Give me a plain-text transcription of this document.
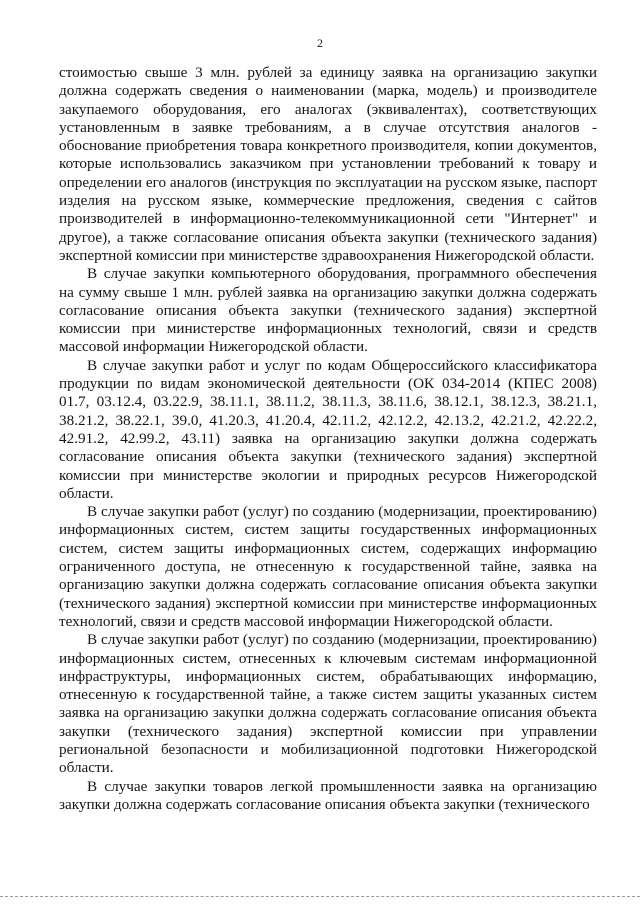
2

стоимостью свыше 3 млн. рублей за единицу заявка на организацию закупки должна содержать сведения о наименовании (марка, модель) и производителе закупаемого оборудования, его аналогах (эквивалентах), соответствующих установленным в заявке требованиям, а в случае отсутствия аналогов - обоснование приобретения товара конкретного производителя, копии документов, которые использовались заказчиком при установлении требований к товару и определении его аналогов (инструкция по эксплуатации на русском языке, паспорт изделия на русском языке, коммерческие предложения, сведения с сайтов производителей в информационно-телекоммуникационной сети "Интернет" и другое), а также согласование описания объекта закупки (технического задания) экспертной комиссии при министерстве здравоохранения Нижегородской области.

В случае закупки компьютерного оборудования, программного обеспечения на сумму свыше 1 млн. рублей заявка на организацию закупки должна содержать согласование описания объекта закупки (технического задания) экспертной комиссии при министерстве информационных технологий, связи и средств массовой информации Нижегородской области.

В случае закупки работ и услуг по кодам Общероссийского классификатора продукции по видам экономической деятельности (ОК 034-2014 (КПЕС 2008) 01.7, 03.12.4, 03.22.9, 38.11.1, 38.11.2, 38.11.3, 38.11.6, 38.12.1, 38.12.3, 38.21.1, 38.21.2, 38.22.1, 39.0, 41.20.3, 41.20.4, 42.11.2, 42.12.2, 42.13.2, 42.21.2, 42.22.2, 42.91.2, 42.99.2, 43.11) заявка на организацию закупки должна содержать согласование описания объекта закупки (технического задания) экспертной комиссии при министерстве экологии и природных ресурсов Нижегородской области.

В случае закупки работ (услуг) по созданию (модернизации, проектированию) информационных систем, систем защиты государственных информационных систем, систем защиты информационных систем, содержащих информацию ограниченного доступа, не отнесенную к государственной тайне, заявка на организацию закупки должна содержать согласование описания объекта закупки (технического задания) экспертной комиссии при министерстве информационных технологий, связи и средств массовой информации Нижегородской области.

В случае закупки работ (услуг) по созданию (модернизации, проектированию) информационных систем, отнесенных к ключевым системам информационной инфраструктуры, информационных систем, обрабатывающих информацию, отнесенную к государственной тайне, а также систем защиты указанных систем заявка на организацию закупки должна содержать согласование описания объекта закупки (технического задания) экспертной комиссии при управлении региональной безопасности и мобилизационной подготовки Нижегородской области.

В случае закупки товаров легкой промышленности заявка на организацию закупки должна содержать согласование описания объекта закупки (технического
